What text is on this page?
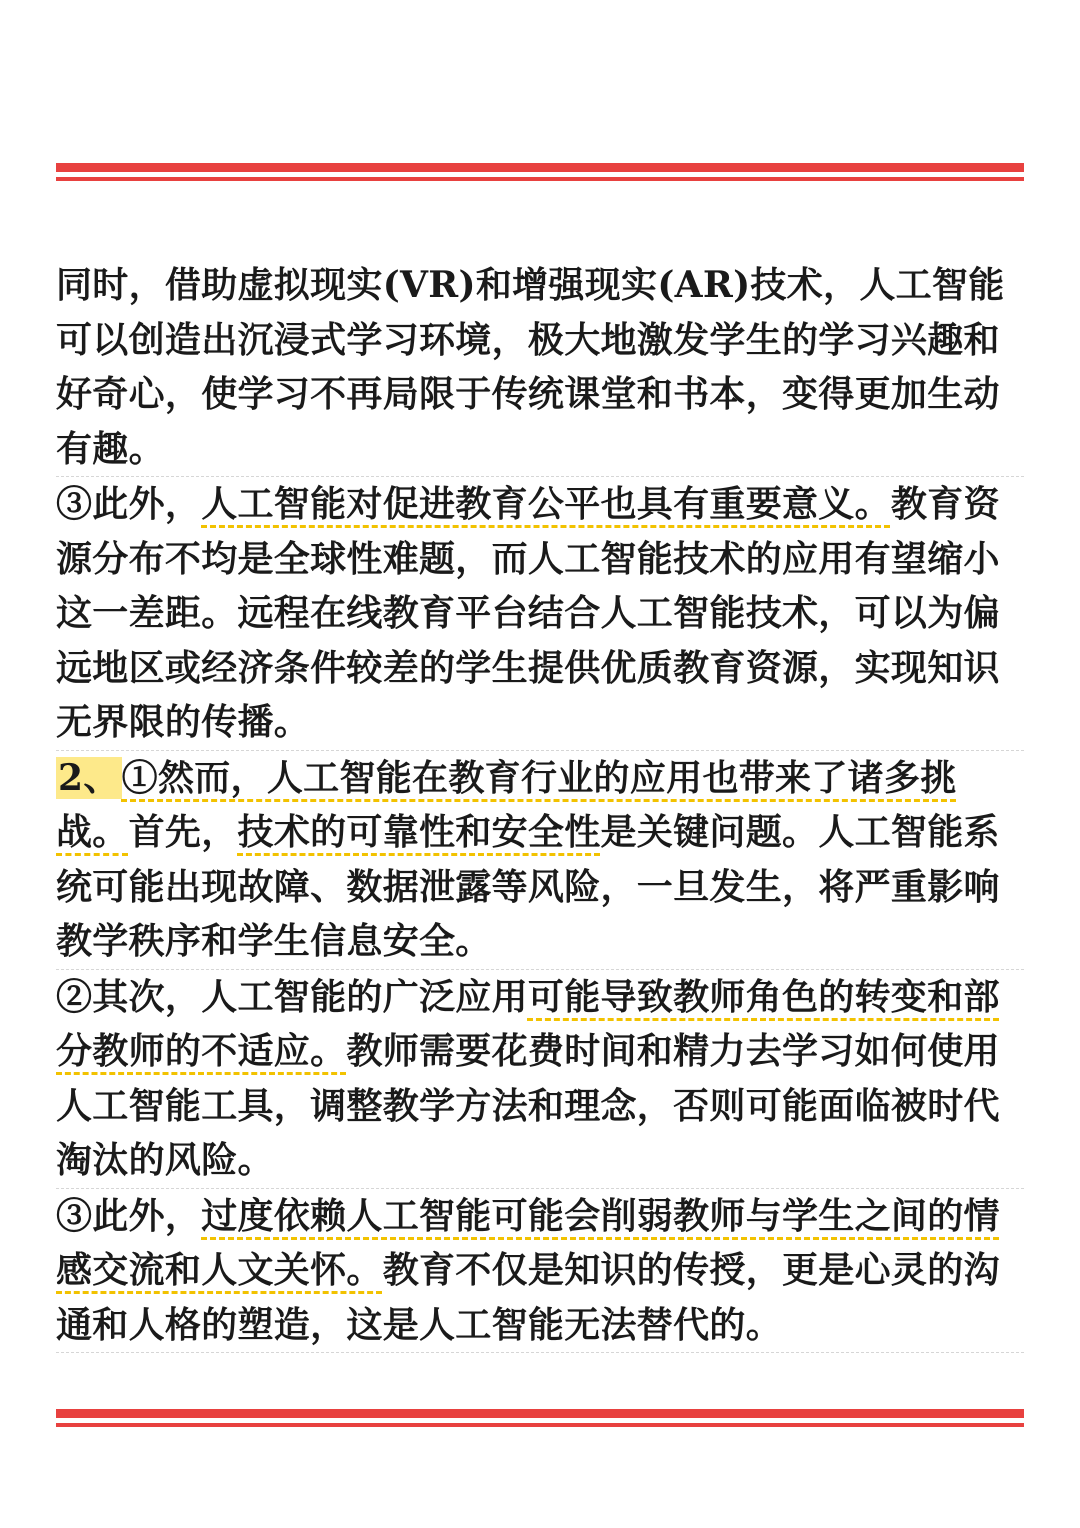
同时，借助虚拟现实(VR)和增强现实(AR)技术，人工智能可以创造出沉浸式学习环境，极大地激发学生的学习兴趣和好奇心，使学习不再局限于传统课堂和书本，变得更加生动有趣。

③此外，人工智能对促进教育公平也具有重要意义。教育资源分布不均是全球性难题，而人工智能技术的应用有望缩小这一差距。远程在线教育平台结合人工智能技术，可以为偏远地区或经济条件较差的学生提供优质教育资源，实现知识无界限的传播。

2、①然而，人工智能在教育行业的应用也带来了诸多挑战。首先，技术的可靠性和安全性是关键问题。人工智能系统可能出现故障、数据泄露等风险，一旦发生，将严重影响教学秩序和学生信息安全。

②其次，人工智能的广泛应用可能导致教师角色的转变和部分教师的不适应。教师需要花费时间和精力去学习如何使用人工智能工具，调整教学方法和理念，否则可能面临被时代淘汰的风险。

③此外，过度依赖人工智能可能会削弱教师与学生之间的情感交流和人文关怀。教育不仅是知识的传授，更是心灵的沟通和人格的塑造，这是人工智能无法替代的。
